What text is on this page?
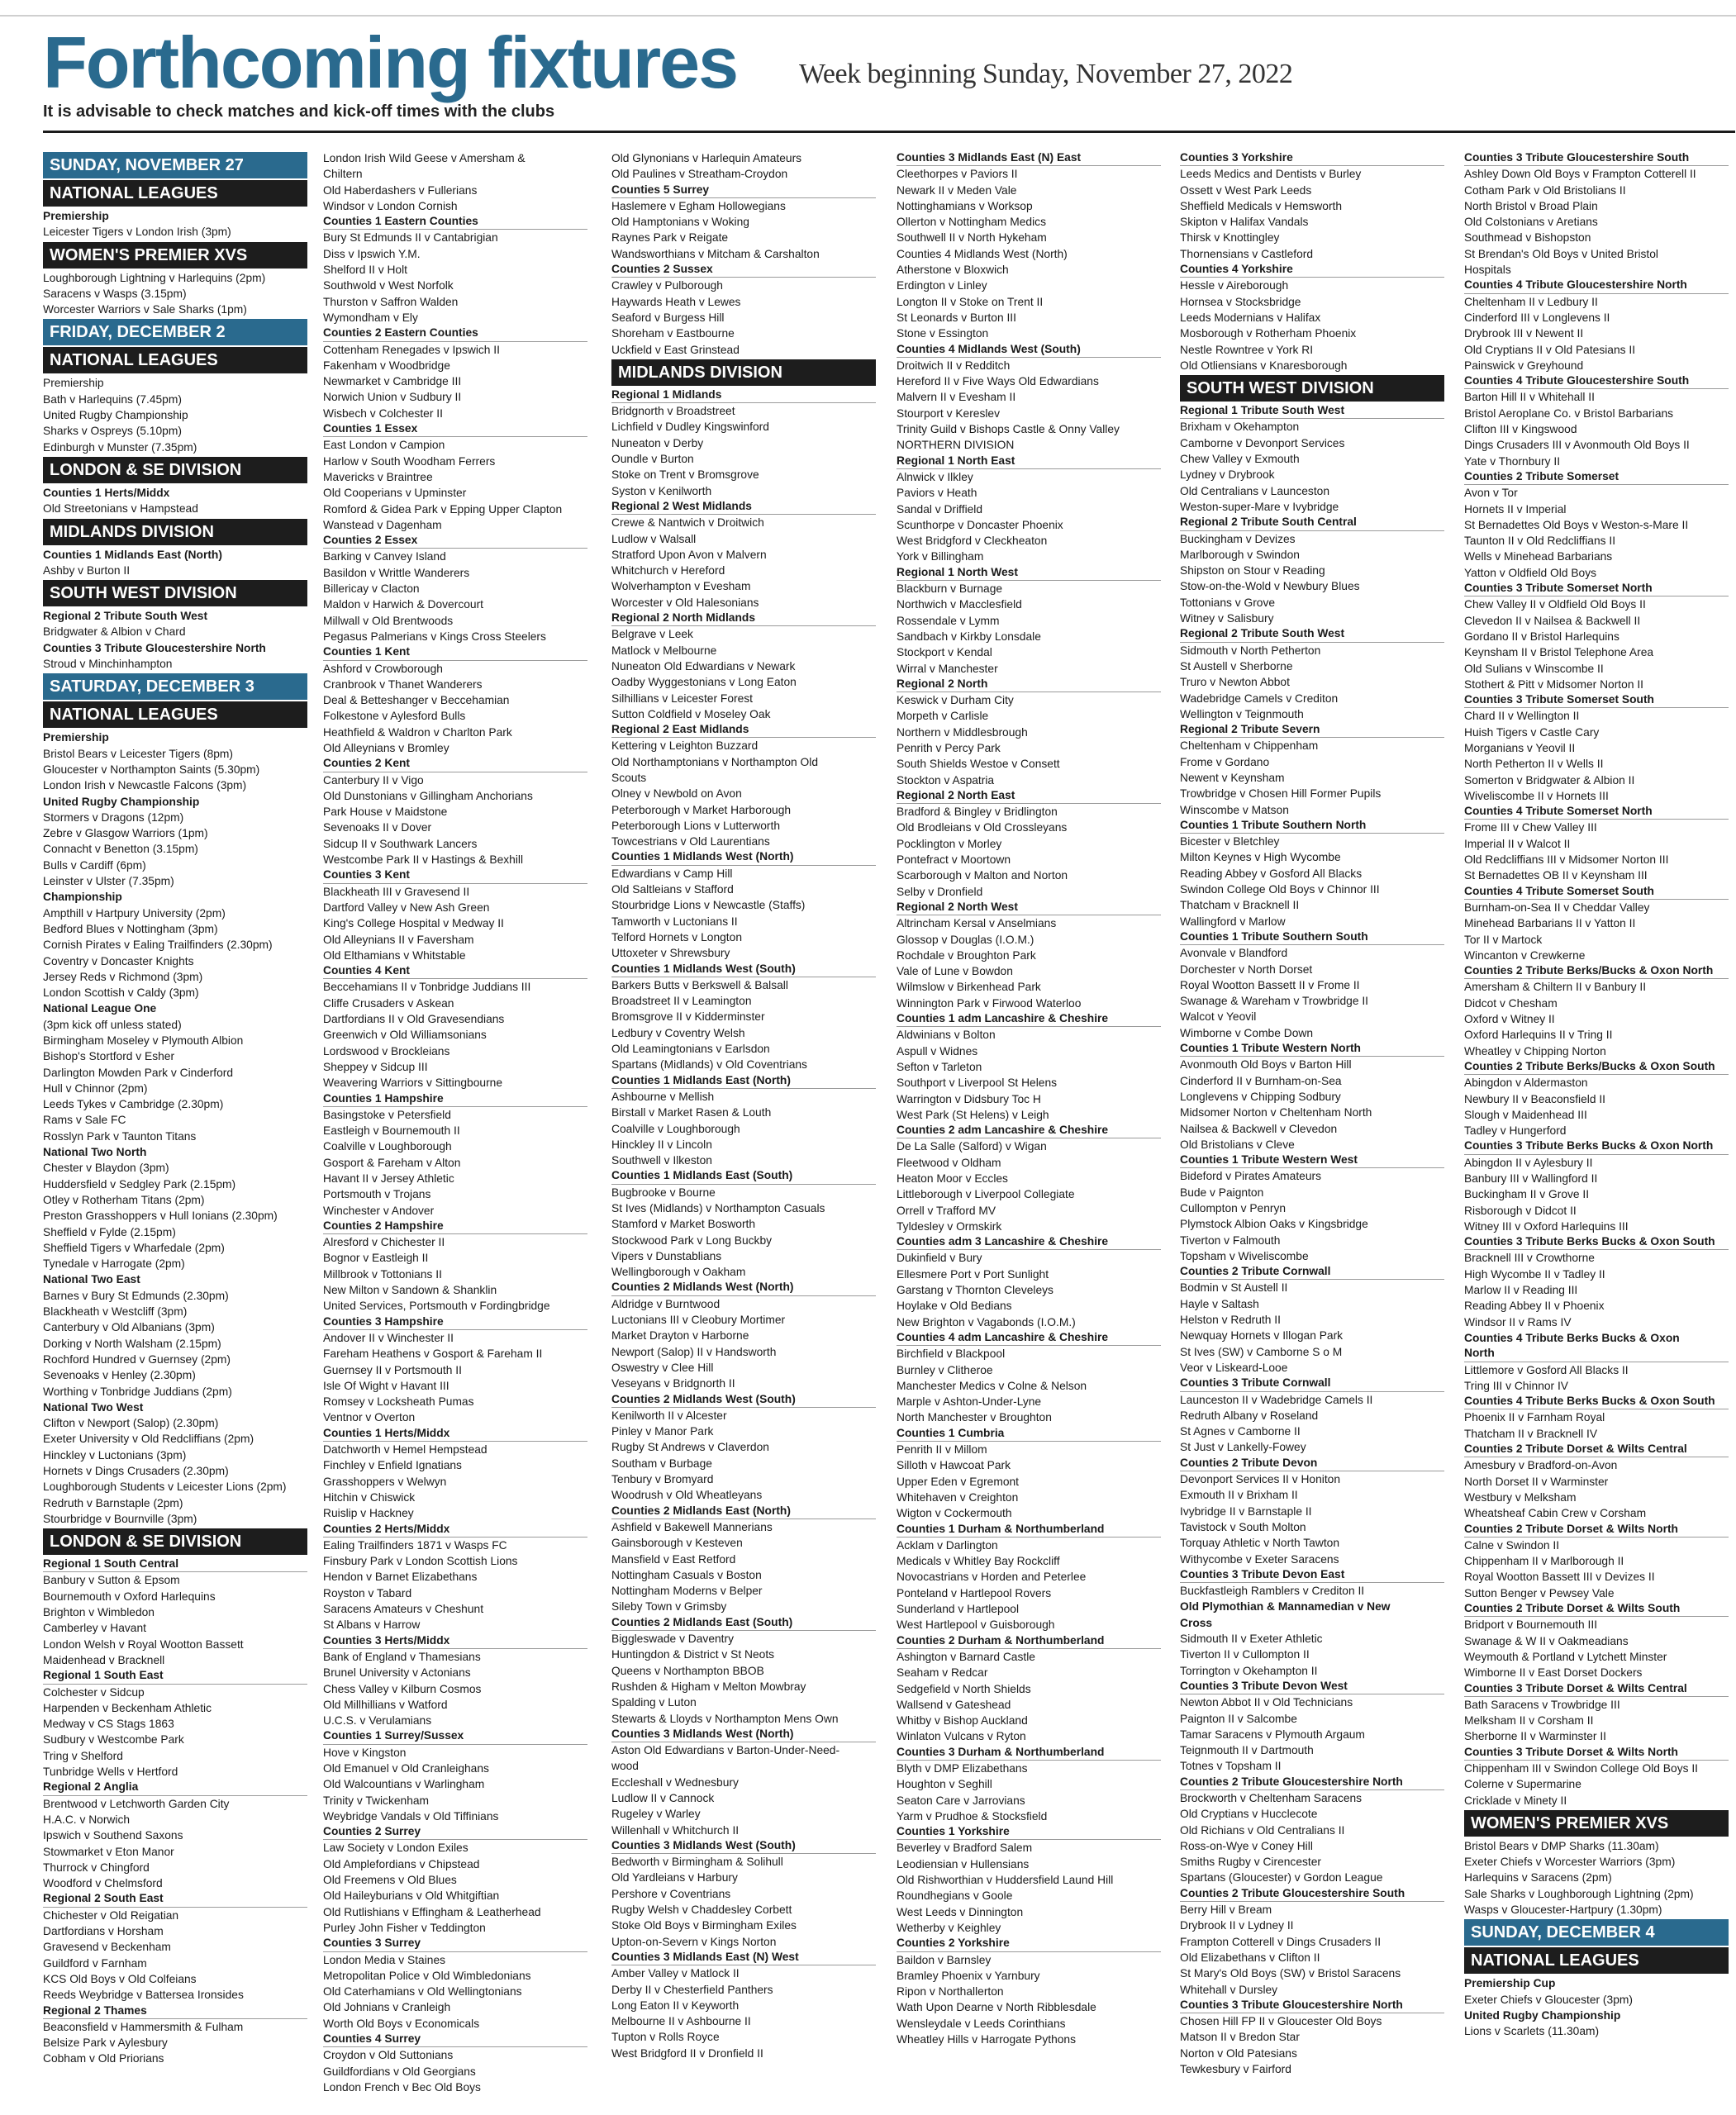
Forthcoming fixtures Week beginning Sunday, November 27, 2022
It is advisable to check matches and kick-off times with the clubs
SUNDAY, NOVEMBER 27
NATIONAL LEAGUES
Premiership
Leicester Tigers v London Irish (3pm)
WOMEN'S PREMIER XVS
Loughborough Lightning v Harlequins (2pm)
Saracens v Wasps (3.15pm)
Worcester Warriors v Sale Sharks (1pm)
FRIDAY, DECEMBER 2
NATIONAL LEAGUES
Premiership
Bath v Harlequins (7.45pm)
United Rugby Championship
Sharks v Ospreys (5.10pm)
Edinburgh v Munster (7.35pm)
LONDON & SE DIVISION
Counties 1 Herts/Middx
Old Streetonians v Hampstead
MIDLANDS DIVISION
Counties 1 Midlands East (North)
Ashby v Burton II
SOUTH WEST DIVISION
Regional 2 Tribute South West
Bridgwater & Albion v Chard
Counties 3 Tribute Gloucestershire North
Stroud v Minchinhampton
SATURDAY, DECEMBER 3
NATIONAL LEAGUES
Premiership
Bristol Bears v Leicester Tigers (8pm)
Gloucester v Northampton Saints (5.30pm)
London Irish v Newcastle Falcons (3pm)
United Rugby Championship
Stormers v Dragons (12pm)
Zebre v Glasgow Warriors (1pm)
Connacht v Benetton (3.15pm)
Bulls v Cardiff (6pm)
Leinster v Ulster (7.35pm)
Championship
Ampthill v Hartpury University (2pm)
Bedford Blues v Nottingham (3pm)
Cornish Pirates v Ealing Trailfinders (2.30pm)
Coventry v Doncaster Knights
Jersey Reds v Richmond (3pm)
London Scottish v Caldy (3pm)
National League One
(3pm kick off unless stated)
Birmingham Moseley v Plymouth Albion
Bishop's Stortford v Esher
Darlington Mowden Park v Cinderford
Hull v Chinnor (2pm)
Leeds Tykes v Cambridge (2.30pm)
Rams v Sale FC
Rosslyn Park v Taunton Titans
National Two North
Chester v Blaydon (3pm)
Huddersfield v Sedgley Park (2.15pm)
Otley v Rotherham Titans (2pm)
Preston Grasshoppers v Hull Ionians (2.30pm)
Sheffield v Fylde (2.15pm)
Sheffield Tigers v Wharfedale (2pm)
Tynedale v Harrogate (2pm)
National Two East
Barnes v Bury St Edmunds (2.30pm)
Blackheath v Westcliff (3pm)
Canterbury v Old Albanians (3pm)
Dorking v North Walsham (2.15pm)
Rochford Hundred v Guernsey (2pm)
Sevenoaks v Henley (2.30pm)
Worthing v Tonbridge Juddians (2pm)
National Two West
Clifton v Newport (Salop) (2.30pm)
Exeter University v Old Redcliffians (2pm)
Hinckley v Luctonians (3pm)
Hornets v Dings Crusaders (2.30pm)
Loughborough Students v Leicester Lions (2pm)
Redruth v Barnstaple (2pm)
Stourbridge v Bournville (3pm)
LONDON & SE DIVISION
Regional 1 South Central
Banbury v Sutton & Epsom
Bournemouth v Oxford Harlequins
Brighton v Wimbledon
Camberley v Havant
London Welsh v Royal Wootton Bassett
Maidenhead v Bracknell
Regional 1 South East
Colchester v Sidcup
Harpenden v Beckenham Athletic
Medway v CS Stags 1863
Sudbury v Westcombe Park
Tring v Shelford
Tunbridge Wells v Hertford
Regional 2 Anglia
Brentwood v Letchworth Garden City
H.A.C. v Norwich
Ipswich v Southend Saxons
Stowmarket v Eton Manor
Thurrock v Chingford
Woodford v Chelmsford
Regional 2 South East
Chichester v Old Reigatian
Dartfordians v Horsham
Gravesend v Beckenham
Guildford v Farnham
KCS Old Boys v Old Colfeians
Reeds Weybridge v Battersea Ironsides
Regional 2 Thames
Beaconsfield v Hammersmith & Fulham
Belsize Park v Aylesbury
Cobham v Old Priorians
London Irish Wild Geese v Amersham &
Chiltern
Old Haberdashers v Fullerians
Windsor v London Cornish
Counties 1 Eastern Counties
Bury St Edmunds II v Cantabrigian
Diss v Ipswich Y.M.
Shelford II v Holt
Southwold v West Norfolk
Thurston v Saffron Walden
Wymondham v Ely
Counties 2 Eastern Counties
Cottenham Renegades v Ipswich II
Fakenham v Woodbridge
Newmarket v Cambridge III
Norwich Union v Sudbury II
Wisbech v Colchester II
Counties 1 Essex
East London v Campion
Harlow v South Woodham Ferrers
Mavericks v Braintree
Old Cooperians v Upminster
Romford & Gidea Park v Epping Upper Clapton
Wanstead v Dagenham
Counties 2 Essex
Barking v Canvey Island
Basildon v Writtle Wanderers
Billericay v Clacton
Maldon v Harwich & Dovercourt
Millwall v Old Brentwoods
Pegasus Palmerians v Kings Cross Steelers
Counties 1 Kent
Ashford v Crowborough
Cranbrook v Thanet Wanderers
Deal & Betteshanger v Beccehamian
Folkestone v Aylesford Bulls
Heathfield & Waldron v Charlton Park
Old Alleynians v Bromley
Counties 2 Kent
Canterbury II v Vigo
Old Dunstonians v Gillingham Anchorians
Park House v Maidstone
Sevenoaks II v Dover
Sidcup II v Southwark Lancers
Westcombe Park II v Hastings & Bexhill
Counties 3 Kent
Blackheath III v Gravesend II
Dartford Valley v New Ash Green
King's College Hospital v Medway II
Old Alleynians II v Faversham
Old Elthamians v Whitstable
Counties 4 Kent
Beccehamians II v Tonbridge Juddians III
Cliffe Crusaders v Askean
Dartfordians II v Old Gravesendians
Greenwich v Old Williamsonians
Lordswood v Brockleians
Sheppey v Sidcup III
Weavering Warriors v Sittingbourne
Counties 1 Hampshire
Basingstoke v Petersfield
Eastleigh v Bournemouth II
Coalville v Loughborough
Gosport & Fareham v Alton
Havant II v Jersey Athletic
Portsmouth v Trojans
Winchester v Andover
Counties 2 Hampshire
Alresford v Chichester II
Bognor v Eastleigh II
Millbrook v Tottonians II
New Milton v Sandown & Shanklin
United Services, Portsmouth v Fordingbridge
Counties 3 Hampshire
Andover II v Winchester II
Fareham Heathens v Gosport & Fareham II
Guernsey II v Portsmouth II
Isle Of Wight v Havant III
Romsey v Locksheath Pumas
Ventnor v Overton
Counties 1 Herts/Middx
Datchworth v Hemel Hempstead
Finchley v Enfield Ignatians
Grasshoppers v Welwyn
Hitchin v Chiswick
Ruislip v Hackney
Counties 2 Herts/Middx
Ealing Trailfinders 1871 v Wasps FC
Finsbury Park v London Scottish Lions
Hendon v Barnet Elizabethans
Royston v Tabard
Saracens Amateurs v Cheshunt
St Albans v Harrow
Counties 3 Herts/Middx
Bank of England v Thamesians
Brunel University v Actonians
Chess Valley v Kilburn Cosmos
Old Millhillians v Watford
U.C.S. v Verulamians
Counties 1 Surrey/Sussex
Hove v Kingston
Old Emanuel v Old Cranleighans
Old Walcountians v Warlingham
Trinity v Twickenham
Weybridge Vandals v Old Tiffinians
Counties 2 Surrey
Law Society v London Exiles
Old Amplefordians v Chipstead
Old Freemens v Old Blues
Old Haileyburians v Old Whitgiftian
Old Rutlishians v Effingham & Leatherhead
Purley John Fisher v Teddington
Counties 3 Surrey
London Media v Staines
Metropolitan Police v Old Wimbledonians
Old Caterhamians v Old Wellingtonians
Old Johnians v Cranleigh
Worth Old Boys v Economicals
Counties 4 Surrey
Croydon v Old Suttonians
Guildfordians v Old Georgians
London French v Bec Old Boys
Old Glynonians v Harlequin Amateurs
Old Paulines v Streatham-Croydon
Counties 5 Surrey
Haslemere v Egham Hollowegians
Old Hamptonians v Woking
Raynes Park v Reigate
Wandsworthians v Mitcham & Carshalton
Counties 2 Sussex
Crawley v Pulborough
Haywards Heath v Lewes
Seaford v Burgess Hill
Shoreham v Eastbourne
Uckfield v East Grinstead
MIDLANDS DIVISION
Regional 1 Midlands
Bridgnorth v Broadstreet
Lichfield v Dudley Kingswinford
Nuneaton v Derby
Oundle v Burton
Stoke on Trent v Bromsgrove
Syston v Kenilworth
Regional 2 West Midlands
Crewe & Nantwich v Droitwich
Ludlow v Walsall
Stratford Upon Avon v Malvern
Whitchurch v Hereford
Wolverhampton v Evesham
Worcester v Old Halesonians
Regional 2 North Midlands
Belgrave v Leek
Matlock v Melbourne
Nuneaton Old Edwardians v Newark
Oadby Wyggestonians v Long Eaton
Silhillians v Leicester Forest
Sutton Coldfield v Moseley Oak
Regional 2 East Midlands
Kettering v Leighton Buzzard
Old Northamptonians v Northampton Old
Scouts
Olney v Newbold on Avon
Peterborough v Market Harborough
Peterborough Lions v Lutterworth
Towcestrians v Old Laurentians
Counties 1 Midlands West (North)
Edwardians v Camp Hill
Old Saltleians v Stafford
Stourbridge Lions v Newcastle (Staffs)
Tamworth v Luctonians II
Telford Hornets v Longton
Uttoxeter v Shrewsbury
Counties 1 Midlands West (South)
Barkers Butts v Berkswell & Balsall
Broadstreet II v Leamington
Bromsgrove II v Kidderminster
Ledbury v Coventry Welsh
Old Leamingtonians v Earlsdon
Spartans (Midlands) v Old Coventrians
Counties 1 Midlands East (North)
Ashbourne v Mellish
Birstall v Market Rasen & Louth
Coalville v Loughborough
Hinckley II v Lincoln
Southwell v Ilkeston
Counties 1 Midlands East (South)
Bugbrooke v Bourne
St Ives (Midlands) v Northampton Casuals
Stamford v Market Bosworth
Stockwood Park v Long Buckby
Vipers v Dunstablians
Wellingborough v Oakham
Counties 2 Midlands West (North)
Aldridge v Burntwood
Luctonians III v Cleobury Mortimer
Market Drayton v Harborne
Newport (Salop) II v Handsworth
Oswestry v Clee Hill
Veseyans v Bridgnorth II
Counties 2 Midlands West (South)
Kenilworth II v Alcester
Pinley v Manor Park
Rugby St Andrews v Claverdon
Southam v Burbage
Tenbury v Bromyard
Woodrush v Old Wheatleyans
Counties 2 Midlands East (North)
Ashfield v Bakewell Mannerians
Gainsborough v Kesteven
Mansfield v East Retford
Nottingham Casuals v Boston
Nottingham Moderns v Belper
Sileby Town v Grimsby
Counties 2 Midlands East (South)
Biggleswade v Daventry
Huntingdon & District v St Neots
Queens v Northampton BBOB
Rushden & Higham v Melton Mowbray
Spalding v Luton
Stewarts & Lloyds v Northampton Mens Own
Counties 3 Midlands West (North)
Aston Old Edwardians v Barton-Under-Need-
wood
Eccleshall v Wednesbury
Ludlow II v Cannock
Rugeley v Warley
Willenhall v Whitchurch II
Counties 3 Midlands West (South)
Bedworth v Birmingham & Solihull
Old Yardleians v Harbury
Pershore v Coventrians
Rugby Welsh v Chaddesley Corbett
Stoke Old Boys v Birmingham Exiles
Upton-on-Severn v Kings Norton
Counties 3 Midlands East (N) West
Amber Valley v Matlock II
Derby II v Chesterfield Panthers
Long Eaton II v Keyworth
Melbourne II v Ashbourne II
Tupton v Rolls Royce
West Bridgford II v Dronfield II
Counties 3 Midlands East (N) East
Cleethorpes v Paviors II
Newark II v Meden Vale
Nottinghamians v Worksop
Ollerton v Nottingham Medics
Southwell II v North Hykeham
Counties 4 Midlands West (North)
Atherstone v Bloxwich
Erdington v Linley
Longton II v Stoke on Trent II
St Leonards v Burton III
Stone v Essington
Counties 4 Midlands West (South)
Droitwich II v Redditch
Hereford II v Five Ways Old Edwardians
Malvern II v Evesham II
Stourport v Kereslev
Trinity Guild v Bishops Castle & Onny Valley
NORTHERN DIVISION
Regional 1 North East
Alnwick v Ilkley
Paviors v Heath
Sandal v Driffield
Scunthorpe v Doncaster Phoenix
West Bridgford v Cleckheaton
York v Billingham
Regional 1 North West
Blackburn v Burnage
Northwich v Macclesfield
Rossendale v Lymm
Sandbach v Kirkby Lonsdale
Stockport v Kendal
Wirral v Manchester
Regional 2 North
Keswick v Durham City
Morpeth v Carlisle
Northern v Middlesbrough
Penrith v Percy Park
South Shields Westoe v Consett
Stockton v Aspatria
Regional 2 North East
Bradford & Bingley v Bridlington
Old Brodleians v Old Crossleyans
Pocklington v Morley
Pontefract v Moortown
Scarborough v Malton and Norton
Selby v Dronfield
Regional 2 North West
Altrincham Kersal v Anselmians
Glossop v Douglas (I.O.M.)
Rochdale v Broughton Park
Vale of Lune v Bowdon
Wilmslow v Birkenhead Park
Winnington Park v Firwood Waterloo
Counties 1 adm Lancashire & Cheshire
Aldwinians v Bolton
Aspull v Widnes
Sefton v Tarleton
Southport v Liverpool St Helens
Warrington v Didsbury Toc H
West Park (St Helens) v Leigh
Counties 2 adm Lancashire & Cheshire
De La Salle (Salford) v Wigan
Fleetwood v Oldham
Heaton Moor v Eccles
Littleborough v Liverpool Collegiate
Orrell v Trafford MV
Tyldesley v Ormskirk
Counties adm 3 Lancashire & Cheshire
Dukinfield v Bury
Ellesmere Port v Port Sunlight
Garstang v Thornton Cleveleys
Hoylake v Old Bedians
New Brighton v Vagabonds (I.O.M.)
Counties 4 adm Lancashire & Cheshire
Birchfield v Blackpool
Burnley v Clitheroe
Manchester Medics v Colne & Nelson
Marple v Ashton-Under-Lyne
North Manchester v Broughton
Counties 1 Cumbria
Penrith II v Millom
Silloth v Hawcoat Park
Upper Eden v Egremont
Whitehaven v Creighton
Wigton v Cockermouth
Counties 1 Durham & Northumberland
Acklam v Darlington
Medicals v Whitley Bay Rockcliff
Novocastrians v Horden and Peterlee
Ponteland v Hartlepool Rovers
Sunderland v Hartlepool
West Hartlepool v Guisborough
Counties 2 Durham & Northumberland
Ashington v Barnard Castle
Seaham v Redcar
Sedgefield v North Shields
Wallsend v Gateshead
Whitby v Bishop Auckland
Winlaton Vulcans v Ryton
Counties 3 Durham & Northumberland
Blyth v DMP Elizabethans
Houghton v Seghill
Seaton Care v Jarrovians
Yarm v Prudhoe & Stocksfield
Counties 1 Yorkshire
Beverley v Bradford Salem
Leodiensian v Hullensians
Old Rishworthian v Huddersfield Laund Hill
Roundhegians v Goole
West Leeds v Dinnington
Wetherby v Keighley
Counties 2 Yorkshire
Baildon v Barnsley
Bramley Phoenix v Yarnbury
Ripon v Northallerton
Wath Upon Dearne v North Ribblesdale
Wensleydale v Leeds Corinthians
Wheatley Hills v Harrogate Pythons
Counties 3 Yorkshire
Leeds Medics and Dentists v Burley
Ossett v West Park Leeds
Sheffield Medicals v Hemsworth
Skipton v Halifax Vandals
Thirsk v Knottingley
Thornensians v Castleford
Counties 4 Yorkshire
Hessle v Aireborough
Hornsea v Stocksbridge
Leeds Modernians v Halifax
Mosborough v Rotherham Phoenix
Nestle Rowntree v York RI
Old Otliensians v Knaresborough
SOUTH WEST DIVISION
Regional 1 Tribute South West
Brixham v Okehampton
Camborne v Devonport Services
Chew Valley v Exmouth
Lydney v Drybrook
Old Centralians v Launceston
Weston-super-Mare v Ivybridge
Regional 2 Tribute South Central
Buckingham v Devizes
Marlborough v Swindon
Shipston on Stour v Reading
Stow-on-the-Wold v Newbury Blues
Tottonians v Grove
Witney v Salisbury
Regional 2 Tribute South West
Sidmouth v North Petherton
St Austell v Sherborne
Truro v Newton Abbot
Wadebridge Camels v Crediton
Wellington v Teignmouth
Regional 2 Tribute Severn
Cheltenham v Chippenham
Frome v Gordano
Newent v Keynsham
Trowbridge v Chosen Hill Former Pupils
Winscombe v Matson
Counties 1 Tribute Southern North
Bicester v Bletchley
Milton Keynes v High Wycombe
Reading Abbey v Gosford All Blacks
Swindon College Old Boys v Chinnor III
Thatcham v Bracknell II
Wallingford v Marlow
Counties 1 Tribute Southern South
Avonvale v Blandford
Dorchester v North Dorset
Royal Wootton Bassett II v Frome II
Swanage & Wareham v Trowbridge II
Walcot v Yeovil
Wimborne v Combe Down
Counties 1 Tribute Western North
Avonmouth Old Boys v Barton Hill
Cinderford II v Burnham-on-Sea
Longlevens v Chipping Sodbury
Midsomer Norton v Cheltenham North
Nailsea & Backwell v Clevedon
Old Bristolians v Cleve
Counties 1 Tribute Western West
Bideford v Pirates Amateurs
Bude v Paignton
Cullompton v Penryn
Plymstock Albion Oaks v Kingsbridge
Tiverton v Falmouth
Topsham v Wiveliscombe
Counties 2 Tribute Cornwall
Bodmin v St Austell II
Hayle v Saltash
Helston v Redruth II
Newquay Hornets v Illogan Park
St Ives (SW) v Camborne S o M
Veor v Liskeard-Looe
Counties 3 Tribute Cornwall
Launceston II v Wadebridge Camels II
Redruth Albany v Roseland
St Agnes v Camborne II
St Just v Lankelly-Fowey
Counties 2 Tribute Devon
Devonport Services II v Honiton
Exmouth II v Brixham II
Ivybridge II v Barnstaple II
Tavistock v South Molton
Torquay Athletic v North Tawton
Withycombe v Exeter Saracens
Counties 3 Tribute Devon East
Buckfastleigh Ramblers v Crediton II
Old Plymothian & Mannamedian v New
Cross
Sidmouth II v Exeter Athletic
Tiverton II v Cullompton II
Torrington v Okehampton II
Counties 3 Tribute Devon West
Newton Abbot II v Old Technicians
Paignton II v Salcombe
Tamar Saracens v Plymouth Argaum
Teignmouth II v Dartmouth
Totnes v Topsham II
Counties 2 Tribute Gloucestershire North
Brockworth v Cheltenham Saracens
Old Cryptians v Hucclecote
Old Richians v Old Centralians II
Ross-on-Wye v Coney Hill
Smiths Rugby v Cirencester
Spartans (Gloucester) v Gordon League
Counties 2 Tribute Gloucestershire South
Berry Hill v Bream
Drybrook II v Lydney II
Frampton Cotterell v Dings Crusaders II
Old Elizabethans v Clifton II
St Mary's Old Boys (SW) v Bristol Saracens
Whitehall v Dursley
Counties 3 Tribute Gloucestershire North
Chosen Hill FP II v Gloucester Old Boys
Matson II v Bredon Star
Norton v Old Patesians
Tewkesbury v Fairford
Counties 3 Tribute Gloucestershire South
Ashley Down Old Boys v Frampton Cotterell II
Cotham Park v Old Bristolians II
North Bristol v Broad Plain
Old Colstonians v Aretians
Southmead v Bishopston
St Brendan's Old Boys v United Bristol
Hospitals
Counties 4 Tribute Gloucestershire North
Cheltenham II v Ledbury II
Cinderford III v Longlevens II
Drybrook III v Newent II
Old Cryptians II v Old Patesians II
Painswick v Greyhound
Counties 4 Tribute Gloucestershire South
Barton Hill II v Whitehall II
Bristol Aeroplane Co. v Bristol Barbarians
Clifton III v Kingswood
Dings Crusaders III v Avonmouth Old Boys II
Yate v Thornbury II
Counties 2 Tribute Somerset
Avon v Tor
Hornets II v Imperial
St Bernadettes Old Boys v Weston-s-Mare II
Taunton II v Old Redcliffians II
Wells v Minehead Barbarians
Yatton v Oldfield Old Boys
Counties 3 Tribute Somerset North
Chew Valley II v Oldfield Old Boys II
Clevedon II v Nailsea & Backwell II
Gordano II v Bristol Harlequins
Keynsham II v Bristol Telephone Area
Old Sulians v Winscombe II
Stothert & Pitt v Midsomer Norton II
Counties 3 Tribute Somerset South
Chard II v Wellington II
Huish Tigers v Castle Cary
Morganians v Yeovil II
North Petherton II v Wells II
Somerton v Bridgwater & Albion II
Wiveliscombe II v Hornets III
Counties 4 Tribute Somerset North
Frome III v Chew Valley III
Imperial II v Walcot II
Old Redcliffians III v Midsomer Norton III
St Bernadettes OB II v Keynsham III
Counties 4 Tribute Somerset South
Burnham-on-Sea II v Cheddar Valley
Minehead Barbarians II v Yatton II
Tor II v Martock
Wincanton v Crewkerne
Counties 2 Tribute Berks/Bucks & Oxon North
Amersham & Chiltern II v Banbury II
Didcot v Chesham
Oxford v Witney II
Oxford Harlequins II v Tring II
Wheatley v Chipping Norton
Counties 2 Tribute Berks/Bucks & Oxon South
Abingdon v Aldermaston
Newbury II v Beaconsfield II
Slough v Maidenhead III
Tadley v Hungerford
Counties 3 Tribute Berks Bucks & Oxon North
Abingdon II v Aylesbury II
Banbury III v Wallingford II
Buckingham II v Grove II
Risborough v Didcot II
Witney III v Oxford Harlequins III
Counties 3 Tribute Berks Bucks & Oxon South
Bracknell III v Crowthorne
High Wycombe II v Tadley II
Marlow II v Reading III
Reading Abbey II v Phoenix
Windsor II v Rams IV
Counties 4 Tribute Berks Bucks & Oxon
North
Littlemore v Gosford All Blacks II
Tring III v Chinnor IV
Counties 4 Tribute Berks Bucks & Oxon South
Phoenix II v Farnham Royal
Thatcham II v Bracknell IV
Counties 2 Tribute Dorset & Wilts Central
Amesbury v Bradford-on-Avon
North Dorset II v Warminster
Westbury v Melksham
Wheatsheaf Cabin Crew v Corsham
Counties 2 Tribute Dorset & Wilts North
Calne v Swindon II
Chippenham II v Marlborough II
Royal Wootton Bassett III v Devizes II
Sutton Benger v Pewsey Vale
Counties 2 Tribute Dorset & Wilts South
Bridport v Bournemouth III
Swanage & W II v Oakmeadians
Weymouth & Portland v Lytchett Minster
Wimborne II v East Dorset Dockers
Counties 3 Tribute Dorset & Wilts Central
Bath Saracens v Trowbridge III
Melksham II v Corsham II
Sherborne II v Warminster II
Counties 3 Tribute Dorset & Wilts North
Chippenham III v Swindon College Old Boys II
Colerne v Supermarine
Cricklade v Minety II
WOMEN'S PREMIER XVS
Bristol Bears v DMP Sharks (11.30am)
Exeter Chiefs v Worcester Warriors (3pm)
Harlequins v Saracens (2pm)
Sale Sharks v Loughborough Lightning (2pm)
Wasps v Gloucester-Hartpury (1.30pm)
SUNDAY, DECEMBER 4
NATIONAL LEAGUES
Premiership Cup
Exeter Chiefs v Gloucester (3pm)
United Rugby Championship
Lions v Scarlets (11.30am)
